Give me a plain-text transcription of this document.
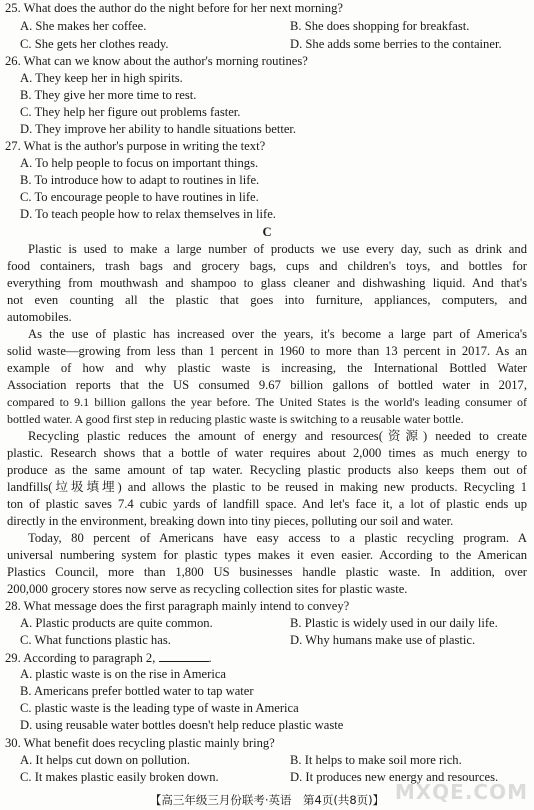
25. What does the author do the night before for her next morning?
A. She makes her coffee.	B. She does shopping for breakfast.
C. She gets her clothes ready.	D. She adds some berries to the container.
26. What can we know about the author's morning routines?
A. They keep her in high spirits.
B. They give her more time to rest.
C. They help her figure out problems faster.
D. They improve her ability to handle situations better.
27. What is the author's purpose in writing the text?
A. To help people to focus on important things.
B. To introduce how to adapt to routines in life.
C. To encourage people to have routines in life.
D. To teach people how to relax themselves in life.
C
Plastic is used to make a large number of products we use every day, such as drink and
food containers, trash bags and grocery bags, cups and children's toys, and bottles for
everything from mouthwash and shampoo to glass cleaner and dishwashing liquid. And that's
not even counting all the plastic that goes into furniture, appliances, computers, and
automobiles.
As the use of plastic has increased over the years, it's become a large part of America's
solid waste—growing from less than 1 percent in 1960 to more than 13 percent in 2017. As an
example of how and why plastic waste is increasing, the International Bottled Water
Association reports that the US consumed 9.67 billion gallons of bottled water in 2017,
compared to 9.1 billion gallons the year before. The United States is the world's leading consumer of
bottled water. A good first step in reducing plastic waste is switching to a reusable water bottle.
Recycling plastic reduces the amount of energy and resources(资源) needed to create
plastic. Research shows that a bottle of water requires about 2,000 times as much energy to
produce as the same amount of tap water. Recycling plastic products also keeps them out of
landfills(垃圾填埋) and allows the plastic to be reused in making new products. Recycling 1
ton of plastic saves 7.4 cubic yards of landfill space. And let's face it, a lot of plastic ends up
directly in the environment, breaking down into tiny pieces, polluting our soil and water.
Today, 80 percent of Americans have easy access to a plastic recycling program. A
universal numbering system for plastic types makes it even easier. According to the American
Plastics Council, more than 1,800 US businesses handle plastic waste. In addition, over
200,000 grocery stores now serve as recycling collection sites for plastic waste.
28. What message does the first paragraph mainly intend to convey?
A. Plastic products are quite common.	B. Plastic is widely used in our daily life.
C. What functions plastic has.	D. Why humans make use of plastic.
29. According to paragraph 2,	.
A. plastic waste is on the rise in America
B. Americans prefer bottled water to tap water
C. plastic waste is the leading type of waste in America
D. using reusable water bottles doesn't help reduce plastic waste
30. What benefit does recycling plastic mainly bring?
A. It helps cut down on pollution.	B. It helps to make soil more rich.
C. It makes plastic easily broken down.	D. It produces new energy and resources.
【高三年级三月份联考·英语　第4页(共8页)】 MXQE.COM
